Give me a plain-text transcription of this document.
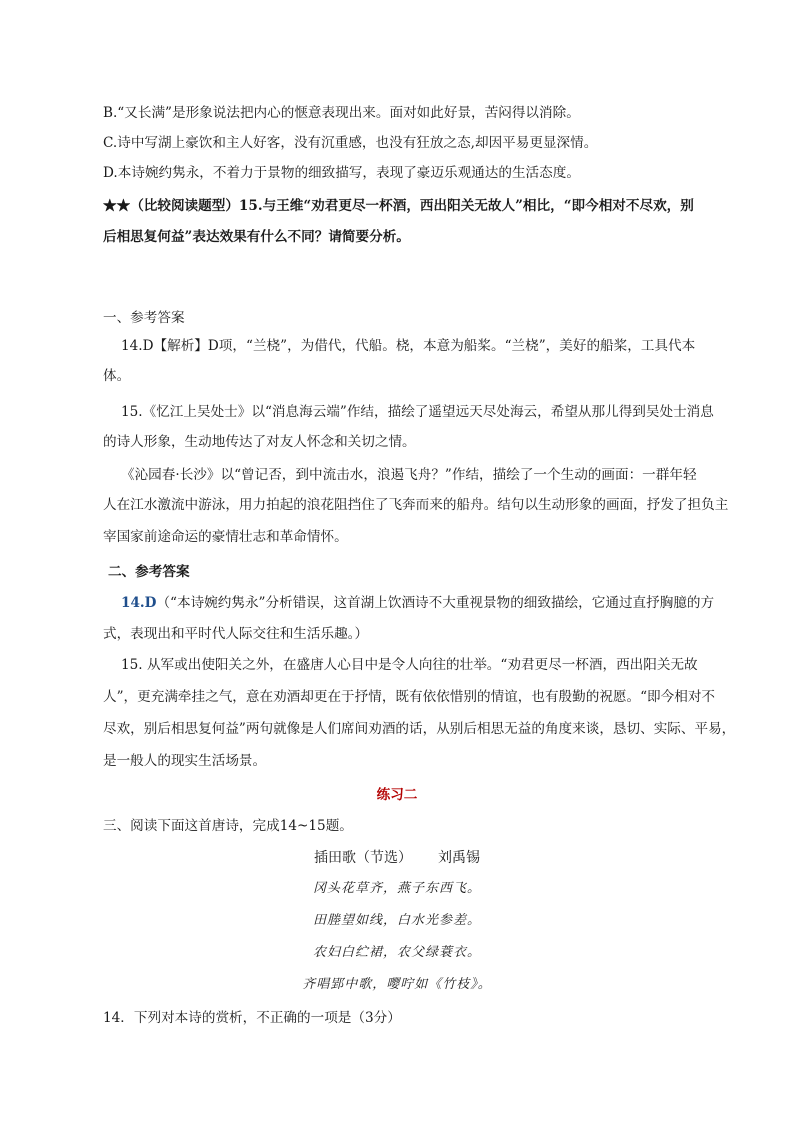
B.“又长满”是形象说法把内心的惬意表现出来。面对如此好景，苦闷得以消除。
C.诗中写湖上豪饮和主人好客，没有沉重感，也没有狂放之态,却因平易更显深情。
D.本诗婉约隽永，不着力于景物的细致描写，表现了豪迈乐观通达的生活态度。
★★（比较阅读题型）15.与王维“劝君更尽一杯酒，西出阳关无故人”相比，“即今相对不尽欢，别
后相思复何益”表达效果有什么不同？请简要分析。
一、参考答案
14.D【解析】D项，“兰桡”，为借代，代船。桡，本意为船桨。“兰桡”，美好的船桨，工具代本
体。
15.《忆江上吴处士》以“消息海云端”作结，描绘了遥望远天尽处海云，希望从那儿得到吴处士消息
的诗人形象，生动地传达了对友人怀念和关切之情。
《沁园春·长沙》以“曾记否，到中流击水，浪遏飞舟？”作结，描绘了一个生动的画面：一群年轻
人在江水激流中游泳，用力拍起的浪花阻挡住了飞奔而来的船舟。结句以生动形象的画面，抒发了担负主
宰国家前途命运的豪情壮志和革命情怀。
二、参考答案
14.D（“本诗婉约隽永”分析错误，这首湖上饮酒诗不大重视景物的细致描绘，它通过直抒胸臆的方
式，表现出和平时代人际交往和生活乐趣。）
15. 从军或出使阳关之外，在盛唐人心目中是令人向往的壮举。“劝君更尽一杯酒，西出阳关无故
人”，更充满牵挂之气，意在劝酒却更在于抒情，既有依依惜别的情谊，也有殷勤的祝愿。“即今相对不
尽欢，别后相思复何益”两句就像是人们席间劝酒的话，从别后相思无益的角度来谈，恳切、实际、平易，
是一般人的现实生活场景。
练习二
三、阅读下面这首唐诗，完成14~15题。
插田歌（节选） 刘禹锡
冈头花草齐，燕子东西飞。
田塍望如线，白水光参差。
农妇白纻裙，农父绿蓑衣。
齐唱郢中歌，嘤咛如《竹枝》。
14．下列对本诗的赏析，不正确的一项是（3分）
